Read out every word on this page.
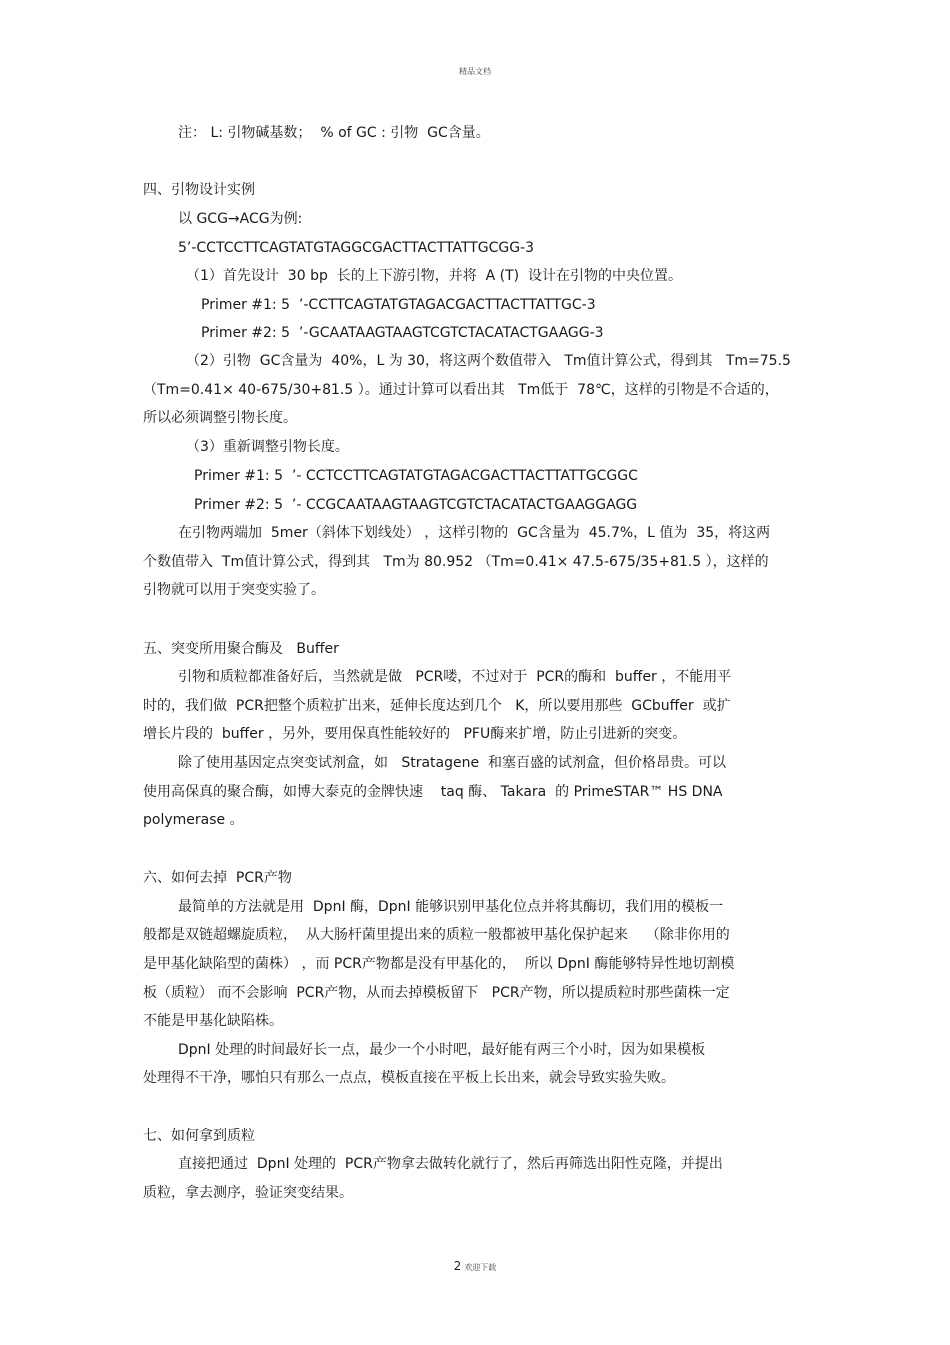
精品文档
注： L: 引物碱基数；  % of GC : 引物  GC含量。
四、引物设计实例
以 GCG→ACG为例:
5’-CCTCCTTCAGTATGTAGGCGACTTACTTATTGCGG-3
（1）首先设计  30 bp  长的上下游引物，并将  A (T)  设计在引物的中央位置。
Primer #1: 5  ’-CCTTCAGTATGTAGACGACTTACTTATTGC-3
Primer #2: 5  ’-GCAATAAGTAAGTCGTCTACATACTGAAGG-3
（2）引物  GC含量为  40%，L 为 30，将这两个数值带入   Tm值计算公式，得到其   Tm=75.5
（Tm=0.41× 40-675/30+81.5 ）。通过计算可以看出其   Tm低于  78℃，这样的引物是不合适的，
所以必须调整引物长度。
（3）重新调整引物长度。
Primer #1: 5  ’- CCTCCTTCAGTATGTAGACGACTTACTTATTGCGGC
Primer #2: 5  ’- CCGCAATAAGTAAGTCGTCTACATACTGAAGGAGG
在引物两端加  5mer（斜体下划线处） ，这样引物的  GC含量为  45.7%，L 值为  35，将这两
个数值带入  Tm值计算公式，得到其   Tm为 80.952 （Tm=0.41× 47.5-675/35+81.5 ），这样的
引物就可以用于突变实验了。
五、突变所用聚合酶及   Buffer
引物和质粒都准备好后，当然就是做   PCR喽，不过对于  PCR的酶和  buffer ，不能用平
时的，我们做  PCR把整个质粒扩出来，延伸长度达到几个   K，所以要用那些  GCbuffer  或扩
增长片段的  buffer ，另外，要用保真性能较好的   PFU酶来扩增，防止引进新的突变。
除了使用基因定点突变试剂盒，如   Stratagene  和塞百盛的试剂盒，但价格昂贵。可以
使用高保真的聚合酶，如博大泰克的金牌快速    taq 酶、 Takara  的 PrimeSTAR™ HS DNA
polymerase 。
六、如何去掉  PCR产物
最简单的方法就是用  DpnI 酶，DpnI 能够识别甲基化位点并将其酶切，我们用的模板一
般都是双链超螺旋质粒，  从大肠杆菌里提出来的质粒一般都被甲基化保护起来    （除非你用的
是甲基化缺陷型的菌株） ，而 PCR产物都是没有甲基化的，  所以 DpnI 酶能够特异性地切割模
板（质粒） 而不会影响  PCR产物，从而去掉模板留下   PCR产物，所以提质粒时那些菌株一定
不能是甲基化缺陷株。
DpnI 处理的时间最好长一点，最少一个小时吧，最好能有两三个小时，因为如果模板
处理得不干净，哪怕只有那么一点点，模板直接在平板上长出来，就会导致实验失败。
七、如何拿到质粒
直接把通过  DpnI 处理的  PCR产物拿去做转化就行了，然后再筛选出阳性克隆，并提出
质粒，拿去测序，验证突变结果。
2 欢迎下载
